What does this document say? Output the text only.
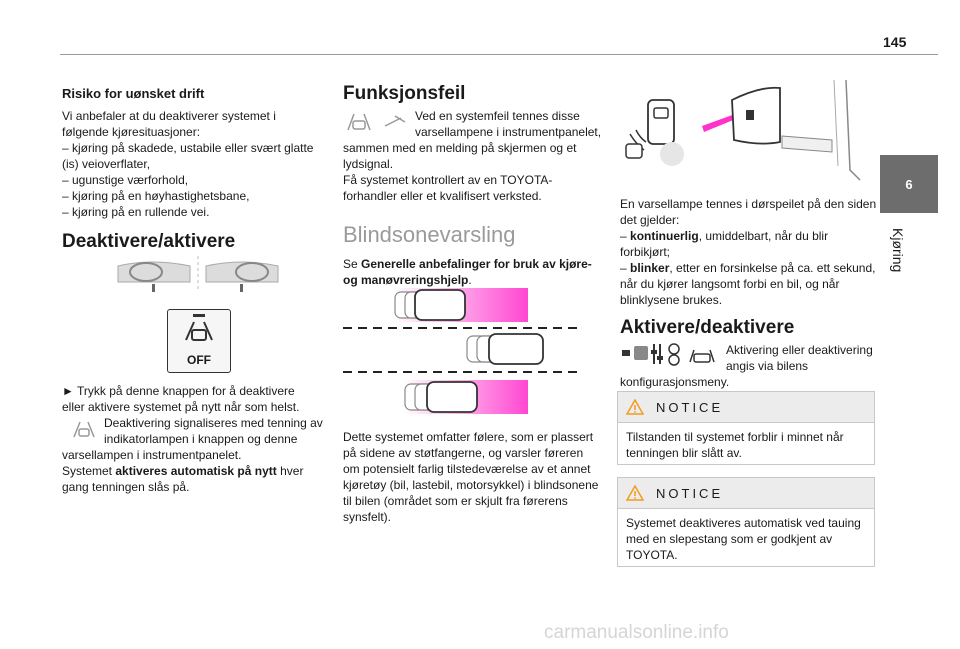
145
6
Kjøring
Risiko for uønsket drift

Vi anbefaler at du deaktiverer systemet i

følgende kjøresituasjoner:

– kjøring på skadede, ustabile eller svært glatte

(is) veioverflater,

– ugunstige værforhold,

– kjøring på en høyhastighetsbane,

– kjøring på en rullende vei.

Deaktivere/aktivere
OFF

► Trykk på denne knappen for å deaktivere

eller aktivere systemet på nytt når som helst.

Deaktivering signaliseres med tenning av

indikatorlampen i knappen og denne

varsellampen i instrumentpanelet.

Systemet aktiveres automatisk på nytt hver

gang tenningen slås på.

Funksjonsfeil

Ved en systemfeil tennes disse

varsellampene i instrumentpanelet,

sammen med en melding på skjermen og et

lydsignal.

Få systemet kontrollert av en TOYOTA-

forhandler eller et kvalifisert verksted.

Blindsonevarsling

Se Generelle anbefalinger for bruk av kjøre-

og manøvreringshjelp.

Dette systemet omfatter følere, som er plassert

på sidene av støtfangerne, og varsler føreren

om potensielt farlig tilstedeværelse av et annet

kjøretøy (bil, lastebil, motorsykkel) i blindsonene

til bilen (området som er skjult fra førerens

synsfelt).

En varsellampe tennes i dørspeilet på den siden

det gjelder:

– kontinuerlig, umiddelbart, når du blir

forbikjørt;

– blinker, etter en forsinkelse på ca. ett sekund,

når du kjører langsomt forbi en bil, og når

blinklysene brukes.

Aktivere/deaktivere

Aktivering eller deaktivering

angis via bilens

konfigurasjonsmeny.

NOTICE
Tilstanden til systemet forblir i minnet når
tenningen blir slått av.
NOTICE
Systemet deaktiveres automatisk ved tauing
med en slepestang som er godkjent av
TOYOTA.
carmanualsonline.info
